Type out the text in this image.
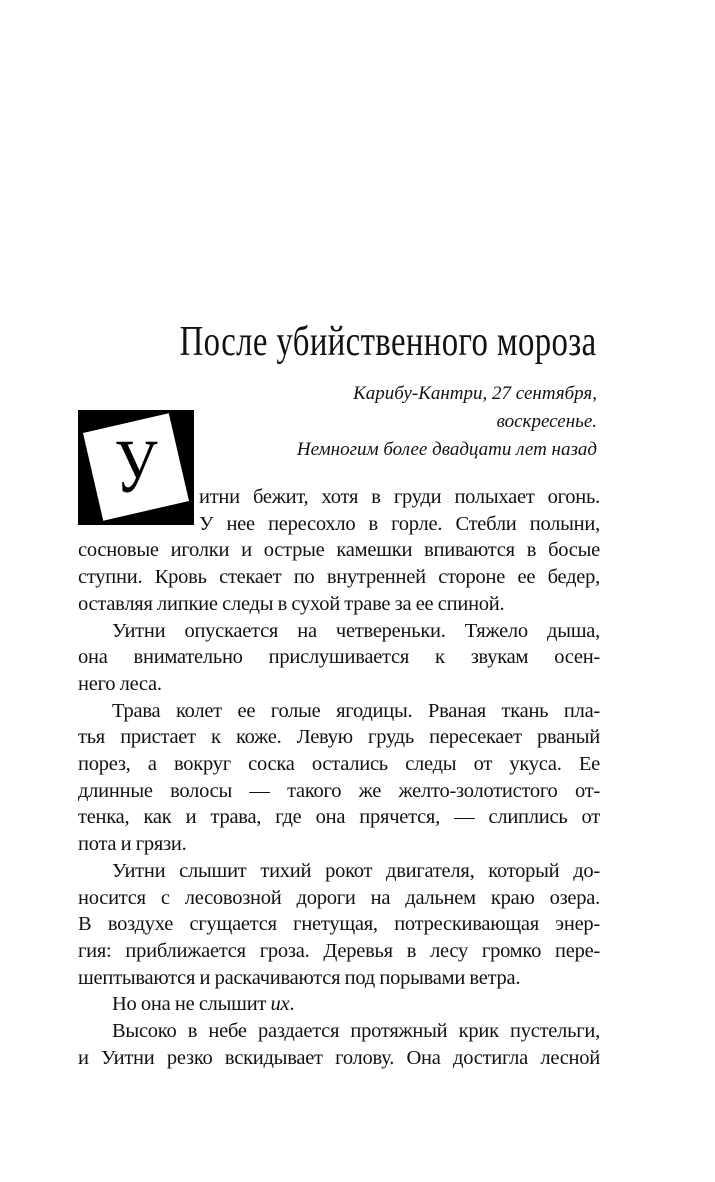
После убийственного мороза
Карибу-Кантри, 27 сентября,
воскресенье.
Немногим более двадцати лет назад
У итни бежит, хотя в груди полыхает огонь.
У нее пересохло в горле. Стебли полыни,
сосновые иголки и острые камешки впиваются в босые
ступни. Кровь стекает по внутренней стороне ее бедер,
оставляя липкие следы в сухой траве за ее спиной.
Уитни опускается на четвереньки. Тяжело дыша,
она внимательно прислушивается к звукам осен-
него леса.
Трава колет ее голые ягодицы. Рваная ткань пла-
тья пристает к коже. Левую грудь пересекает рваный
порез, а вокруг соска остались следы от укуса. Ее
длинные волосы — такого же желто-золотистого от-
тенка, как и трава, где она прячется, — слиплись от
пота и грязи.
Уитни слышит тихий рокот двигателя, который до-
носится с лесовозной дороги на дальнем краю озера.
В воздухе сгущается гнетущая, потрескивающая энер-
гия: приближается гроза. Деревья в лесу громко пере-
шептываются и раскачиваются под порывами ветра.
Но она не слышит их.
Высоко в небе раздается протяжный крик пустельги,
и Уитни резко вскидывает голову. Она достигла лесной
